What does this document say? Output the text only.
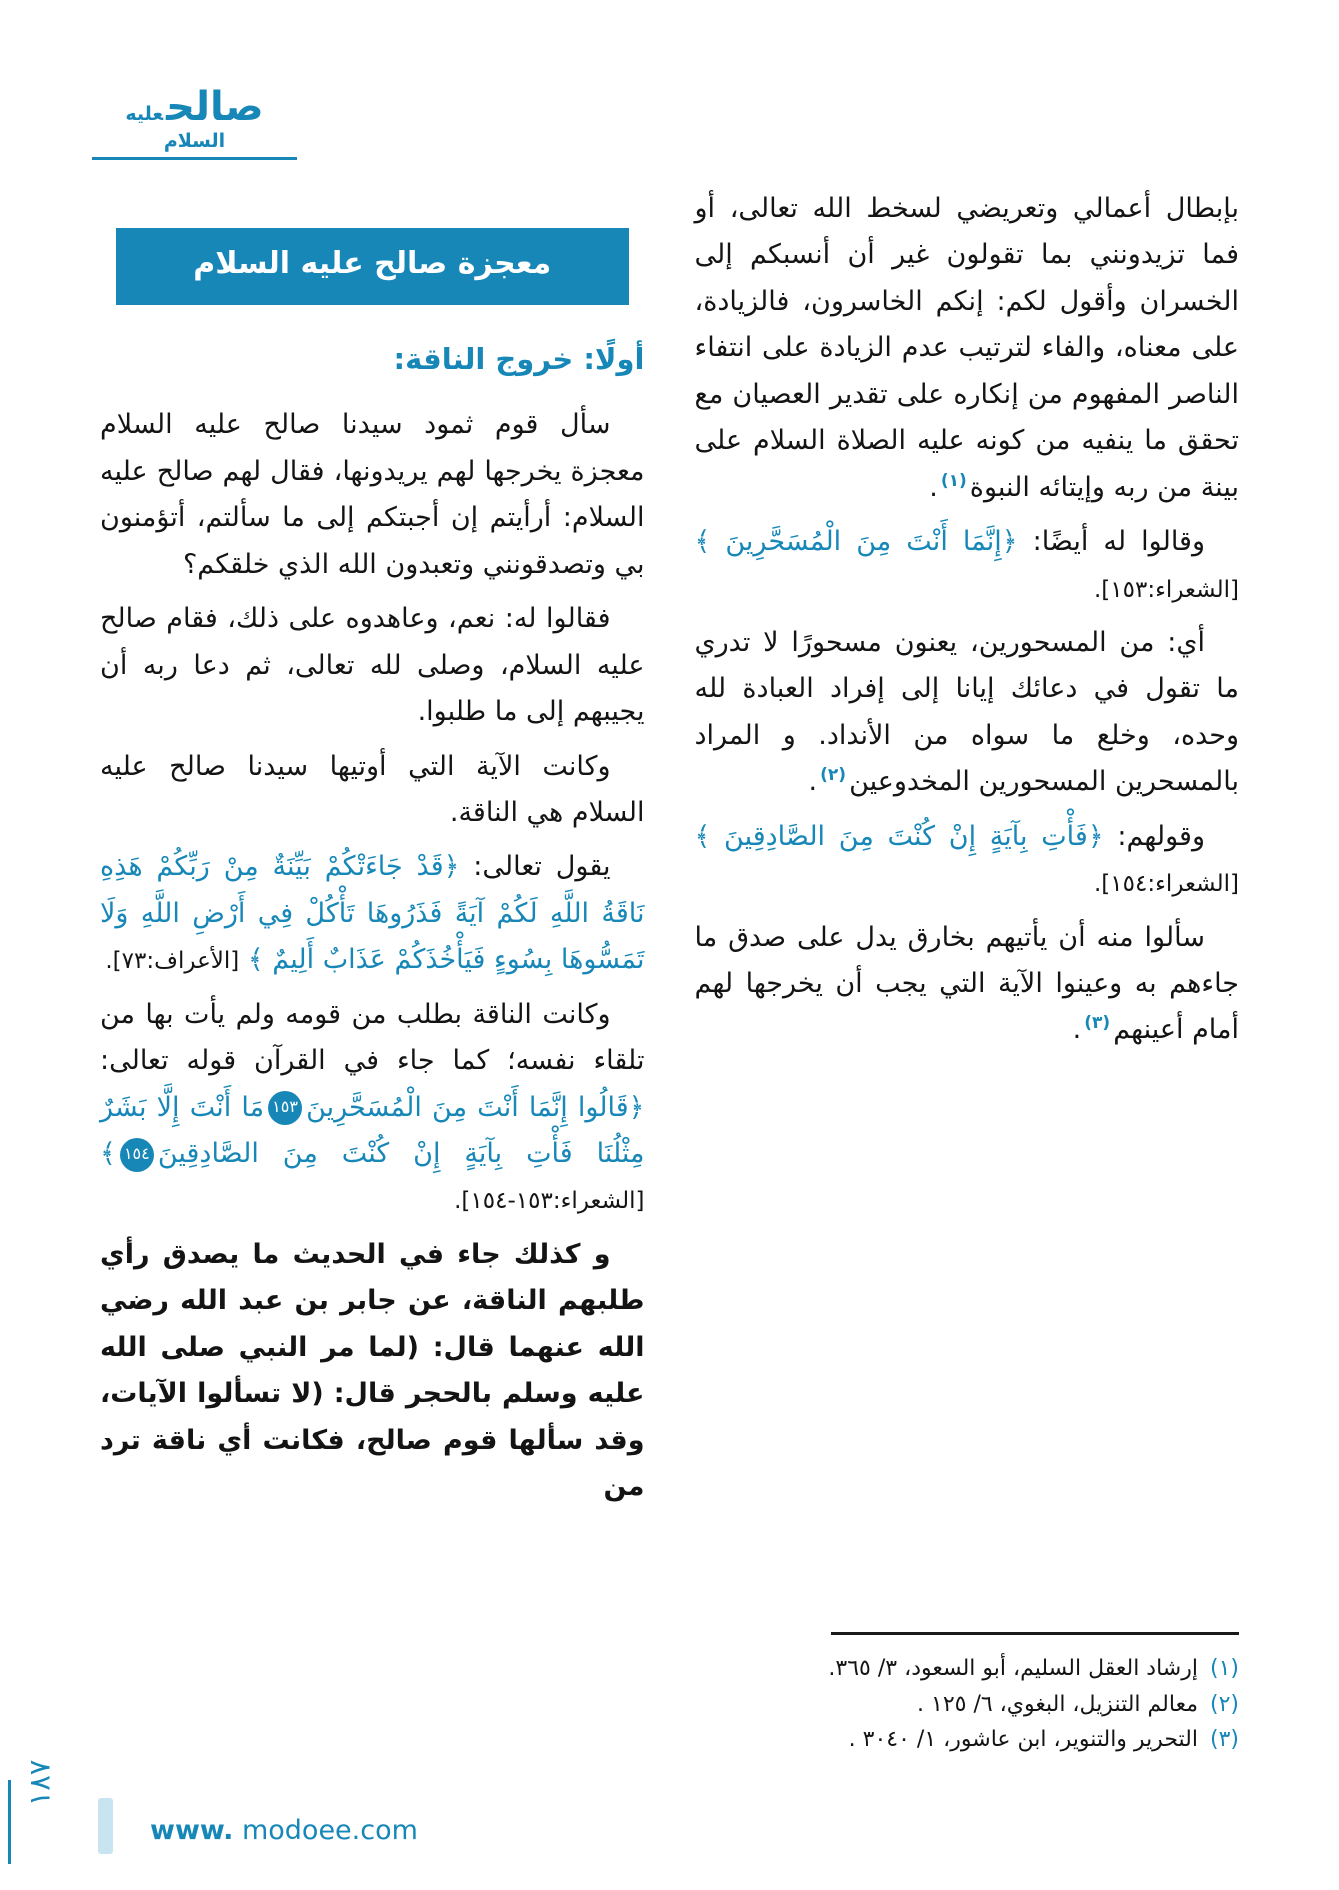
صالحعليه السلام

بإبطال أعمالي وتعريضي لسخط الله تعالى، أو فما تزيدونني بما تقولون غير أن أنسبكم إلى الخسران وأقول لكم: إنكم الخاسرون، فالزيادة، على معناه، والفاء لترتيب عدم الزيادة على انتفاء الناصر المفهوم من إنكاره على تقدير العصيان مع تحقق ما ينفيه من كونه عليه الصلاة السلام على بينة من ربه وإيتائه النبوة$^{(١)}$.

وقالوا له أيضًا: ﴿إِنَّمَا أَنْتَ مِنَ الْمُسَحَّرِينَ ﴾ [الشعراء:١٥٣].

أي: من المسحورين، يعنون مسحورًا لا تدري ما تقول في دعائك إيانا إلى إفراد العبادة لله وحده، وخلع ما سواه من الأنداد. و المراد بالمسحرين المسحورين المخدوعين$^{(٢)}$.

وقولهم: ﴿فَأْتِ بِآيَةٍ إِنْ كُنْتَ مِنَ الصَّادِقِينَ ﴾ [الشعراء:١٥٤].

سألوا منه أن يأتيهم بخارق يدل على صدق ما جاءهم به وعينوا الآية التي يجب أن يخرجها لهم أمام أعينهم$^{(٣)}$.

(١)
إرشاد العقل السليم، أبو السعود، ٣/ ٣٦٥.
(٢)
معالم التنزيل، البغوي، ٦/ ١٢٥ .
(٣)
التحرير والتنوير، ابن عاشور، ١/ ٣٠٤٠ .
معجزة صالح عليه السلام
أولًا: خروج الناقة:

سأل قوم ثمود سيدنا صالح عليه السلام معجزة يخرجها لهم يريدونها، فقال لهم صالح عليه السلام: أرأيتم إن أجبتكم إلى ما سألتم، أتؤمنون بي وتصدقونني وتعبدون الله الذي خلقكم؟

فقالوا له: نعم، وعاهدوه على ذلك، فقام صالح عليه السلام، وصلى لله تعالى، ثم دعا ربه أن يجيبهم إلى ما طلبوا.

وكانت الآية التي أوتيها سيدنا صالح عليه السلام هي الناقة.

يقول تعالى: ﴿قَدْ جَاءَتْكُمْ بَيِّنَةٌ مِنْ رَبِّكُمْ هَذِهِ نَاقَةُ اللَّهِ لَكُمْ آيَةً فَذَرُوهَا تَأْكُلْ فِي أَرْضِ اللَّهِ وَلَا تَمَسُّوهَا بِسُوءٍ فَيَأْخُذَكُمْ عَذَابٌ أَلِيمٌ ﴾ [الأعراف:٧٣].

وكانت الناقة بطلب من قومه ولم يأت بها من تلقاء نفسه؛ كما جاء في القرآن قوله تعالى: ﴿قَالُوا إِنَّمَا أَنْتَ مِنَ الْمُسَحَّرِينَ١٥٣مَا أَنْتَ إِلَّا بَشَرٌ مِثْلُنَا فَأْتِ بِآيَةٍ إِنْ كُنْتَ مِنَ الصَّادِقِينَ١٥٤﴾ [الشعراء:١٥٣-١٥٤].

و كذلك جاء في الحديث ما يصدق رأي طلبهم الناقة، عن جابر بن عبد الله رضي الله عنهما قال: (لما مر النبي صلى الله عليه وسلم بالحجر قال: (لا تسألوا الآيات، وقد سألها قوم صالح، فكانت أي ناقة ترد من

١٨٧
www. modoee.com
